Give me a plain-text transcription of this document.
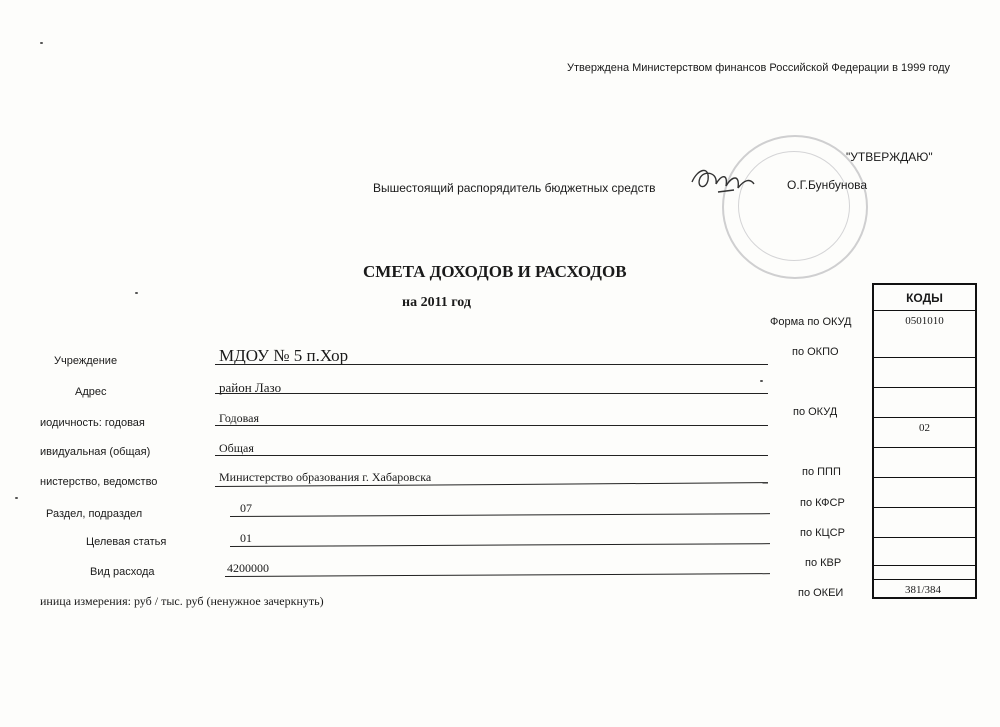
Утверждена Министерством финансов Российской Федерации в 1999 году
"УТВЕРЖДАЮ"
О.Г.Бунбунова
Вышестоящий распорядитель бюджетных средств
СМЕТА ДОХОДОВ И РАСХОДОВ
на 2011 год
Учреждение
Адрес
иодичность: годовая
ивидуальная (общая)
нистерство, ведомство
Раздел, подраздел
Целевая статья
Вид расхода
МДОУ № 5 п.Хор
район Лазо
Годовая
Общая
Министерство образования г. Хабаровска
07
01
4200000
иница измерения: руб / тыс. руб (ненужное зачеркнуть)
Форма по ОКУД
по ОКПО
по ОКУД
по ППП
по КФСР
по КЦСР
по КВР
по ОКЕИ
КОДЫ
0501010
02
381/384
